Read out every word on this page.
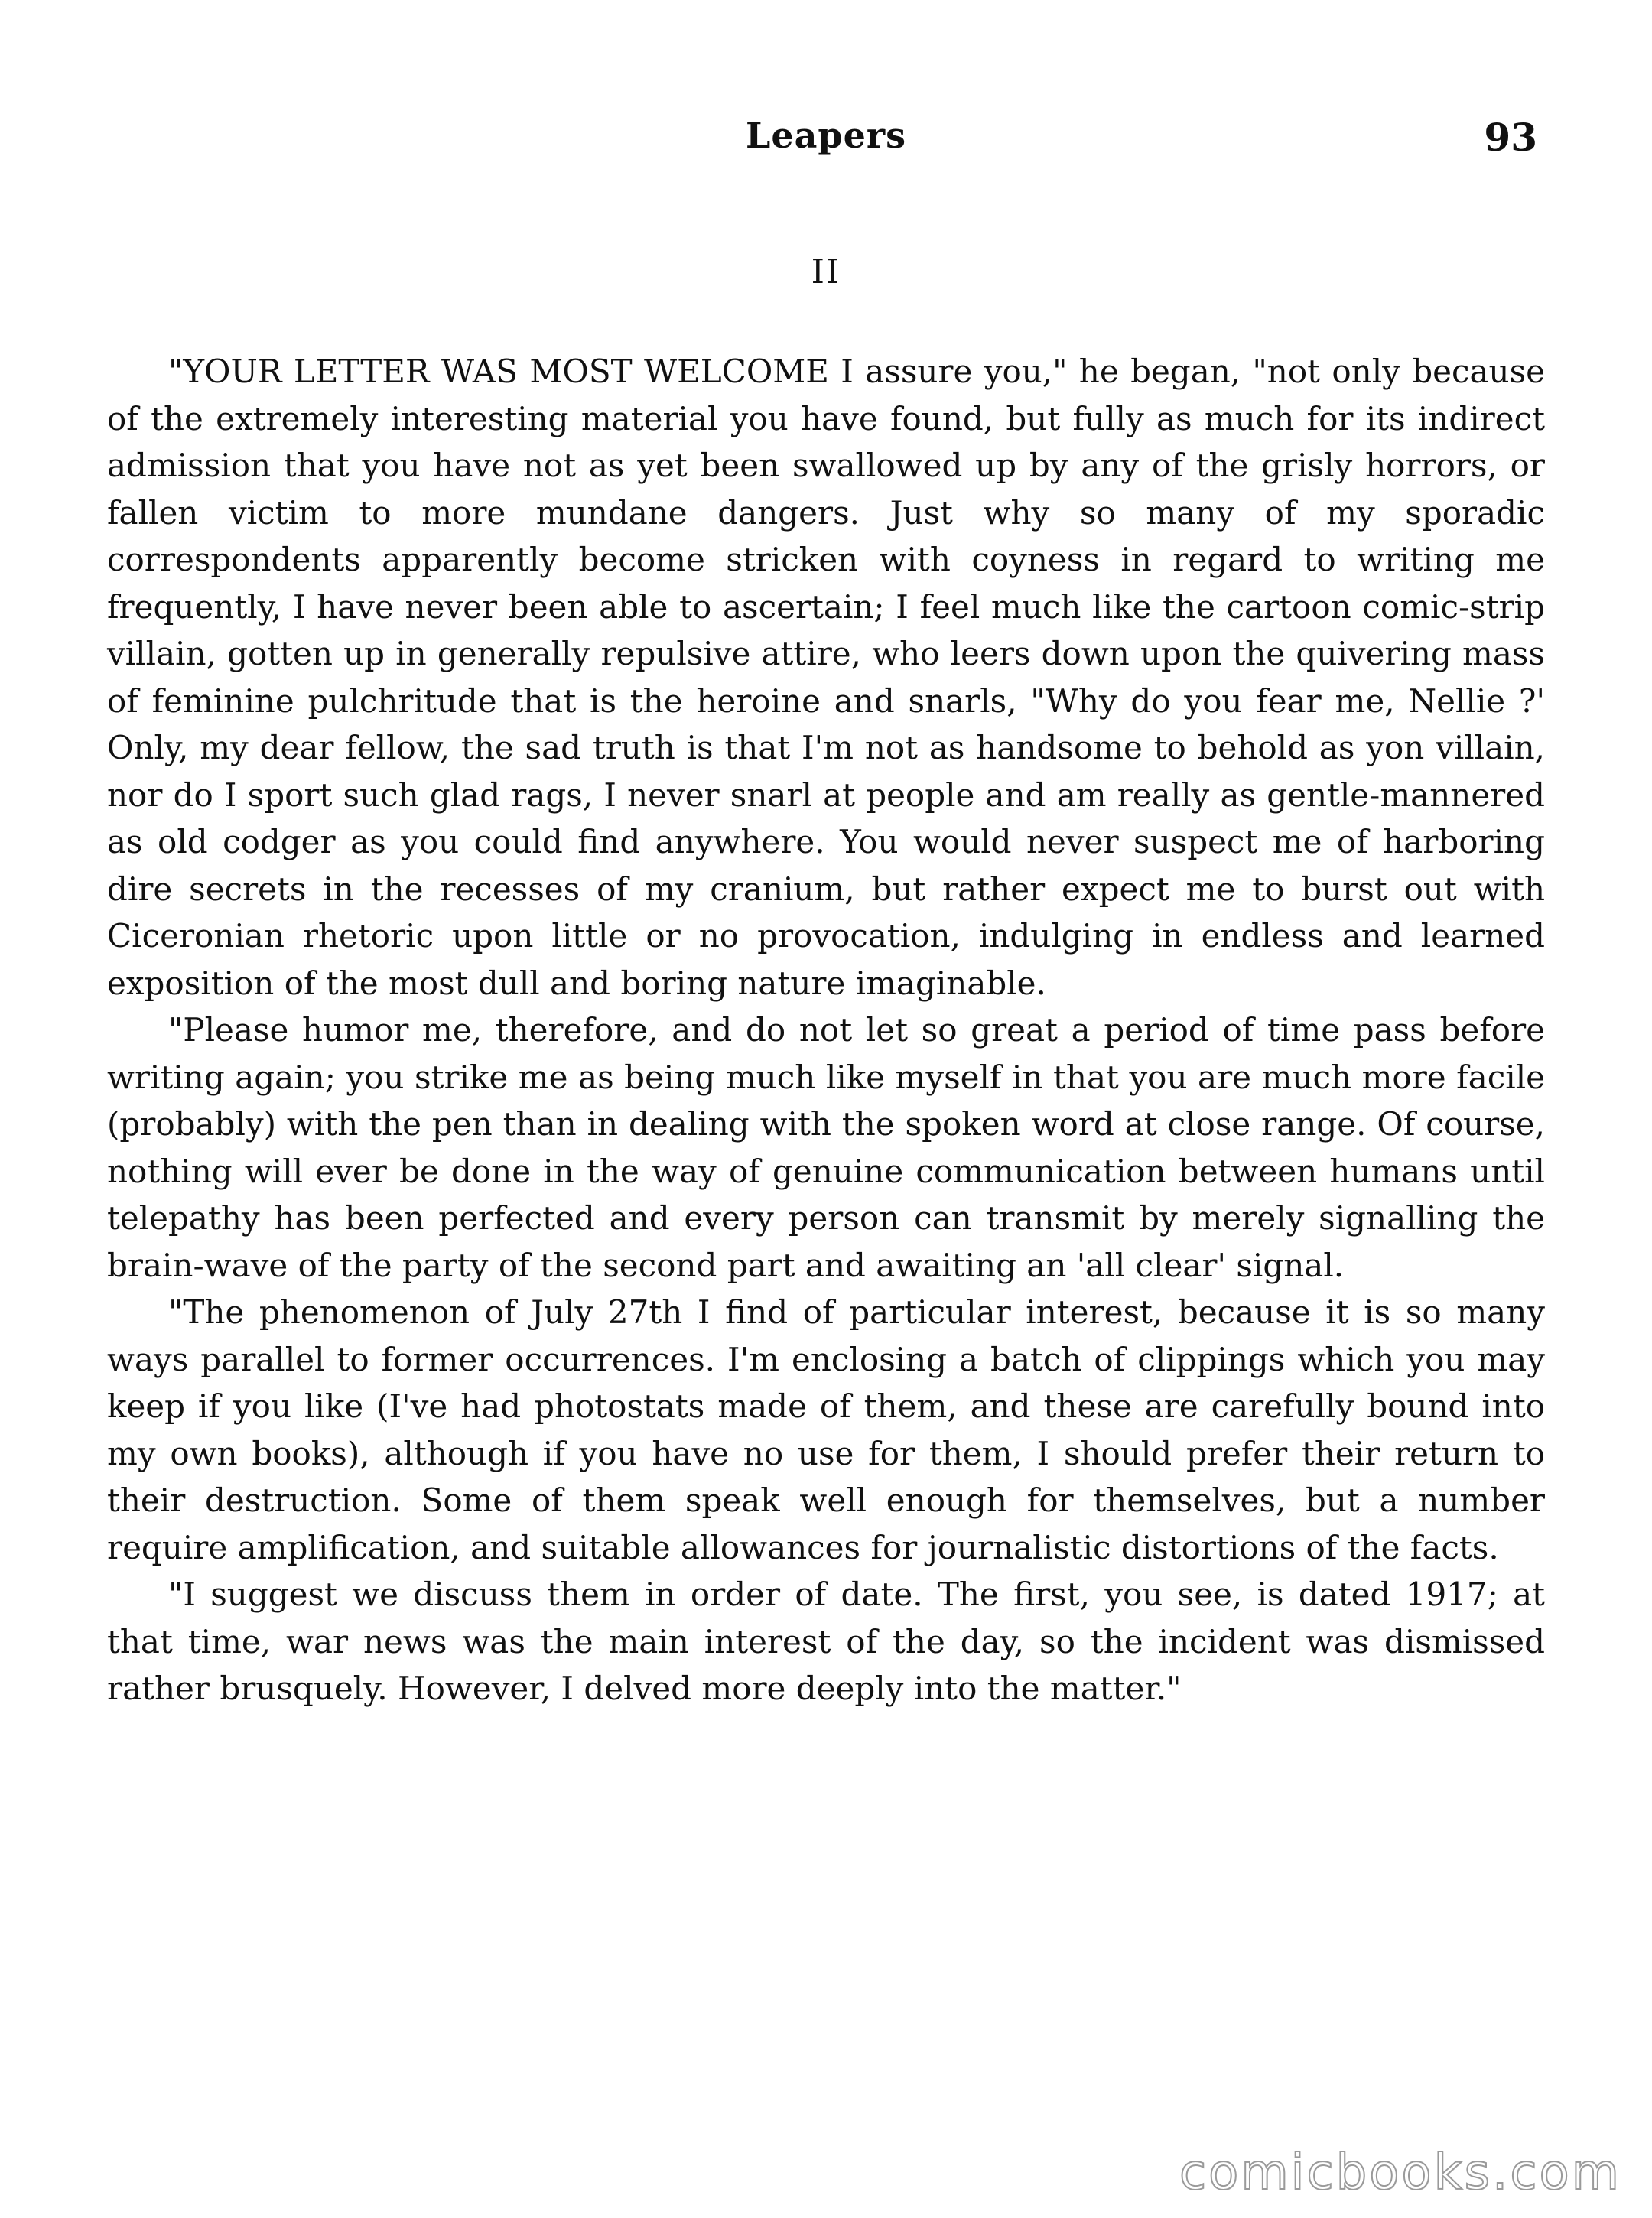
Leapers	93
II

"YOUR LETTER WAS MOST WELCOME I assure you," he began, "not only because of the extremely interesting material you have found, but fully as much for its indirect admission that you have not as yet been swallowed up by any of the grisly horrors, or fallen victim to more mundane dangers. Just why so many of my sporadic correspondents apparently become stricken with coyness in regard to writing me frequently, I have never been able to ascertain; I feel much like the cartoon comic-strip villain, gotten up in generally repulsive attire, who leers down upon the quivering mass of feminine pulchritude that is the heroine and snarls, "Why do you fear me, Nellie ?' Only, my dear fellow, the sad truth is that I'm not as handsome to behold as yon villain, nor do I sport such glad rags, I never snarl at people and am really as gentle-mannered as old codger as you could find anywhere. You would never suspect me of harboring dire secrets in the recesses of my cranium, but rather expect me to burst out with Ciceronian rhetoric upon little or no provocation, indulging in endless and learned exposition of the most dull and boring nature imaginable.

"Please humor me, therefore, and do not let so great a period of time pass before writing again; you strike me as being much like myself in that you are much more facile (probably) with the pen than in dealing with the spoken word at close range. Of course, nothing will ever be done in the way of genuine communication between humans until telepathy has been perfected and every person can transmit by merely signalling the brain-wave of the party of the second part and awaiting an 'all clear' signal.

"The phenomenon of July 27th I find of particular interest, because it is so many ways parallel to former occurrences. I'm enclosing a batch of clippings which you may keep if you like (I've had photostats made of them, and these are carefully bound into my own books), although if you have no use for them, I should prefer their return to their destruction. Some of them speak well enough for themselves, but a number require amplification, and suitable allowances for journalistic distortions of the facts.

"I suggest we discuss them in order of date. The first, you see, is dated 1917; at that time, war news was the main interest of the day, so the incident was dismissed rather brusquely. However, I delved more deeply into the matter."

comicbooks.com
